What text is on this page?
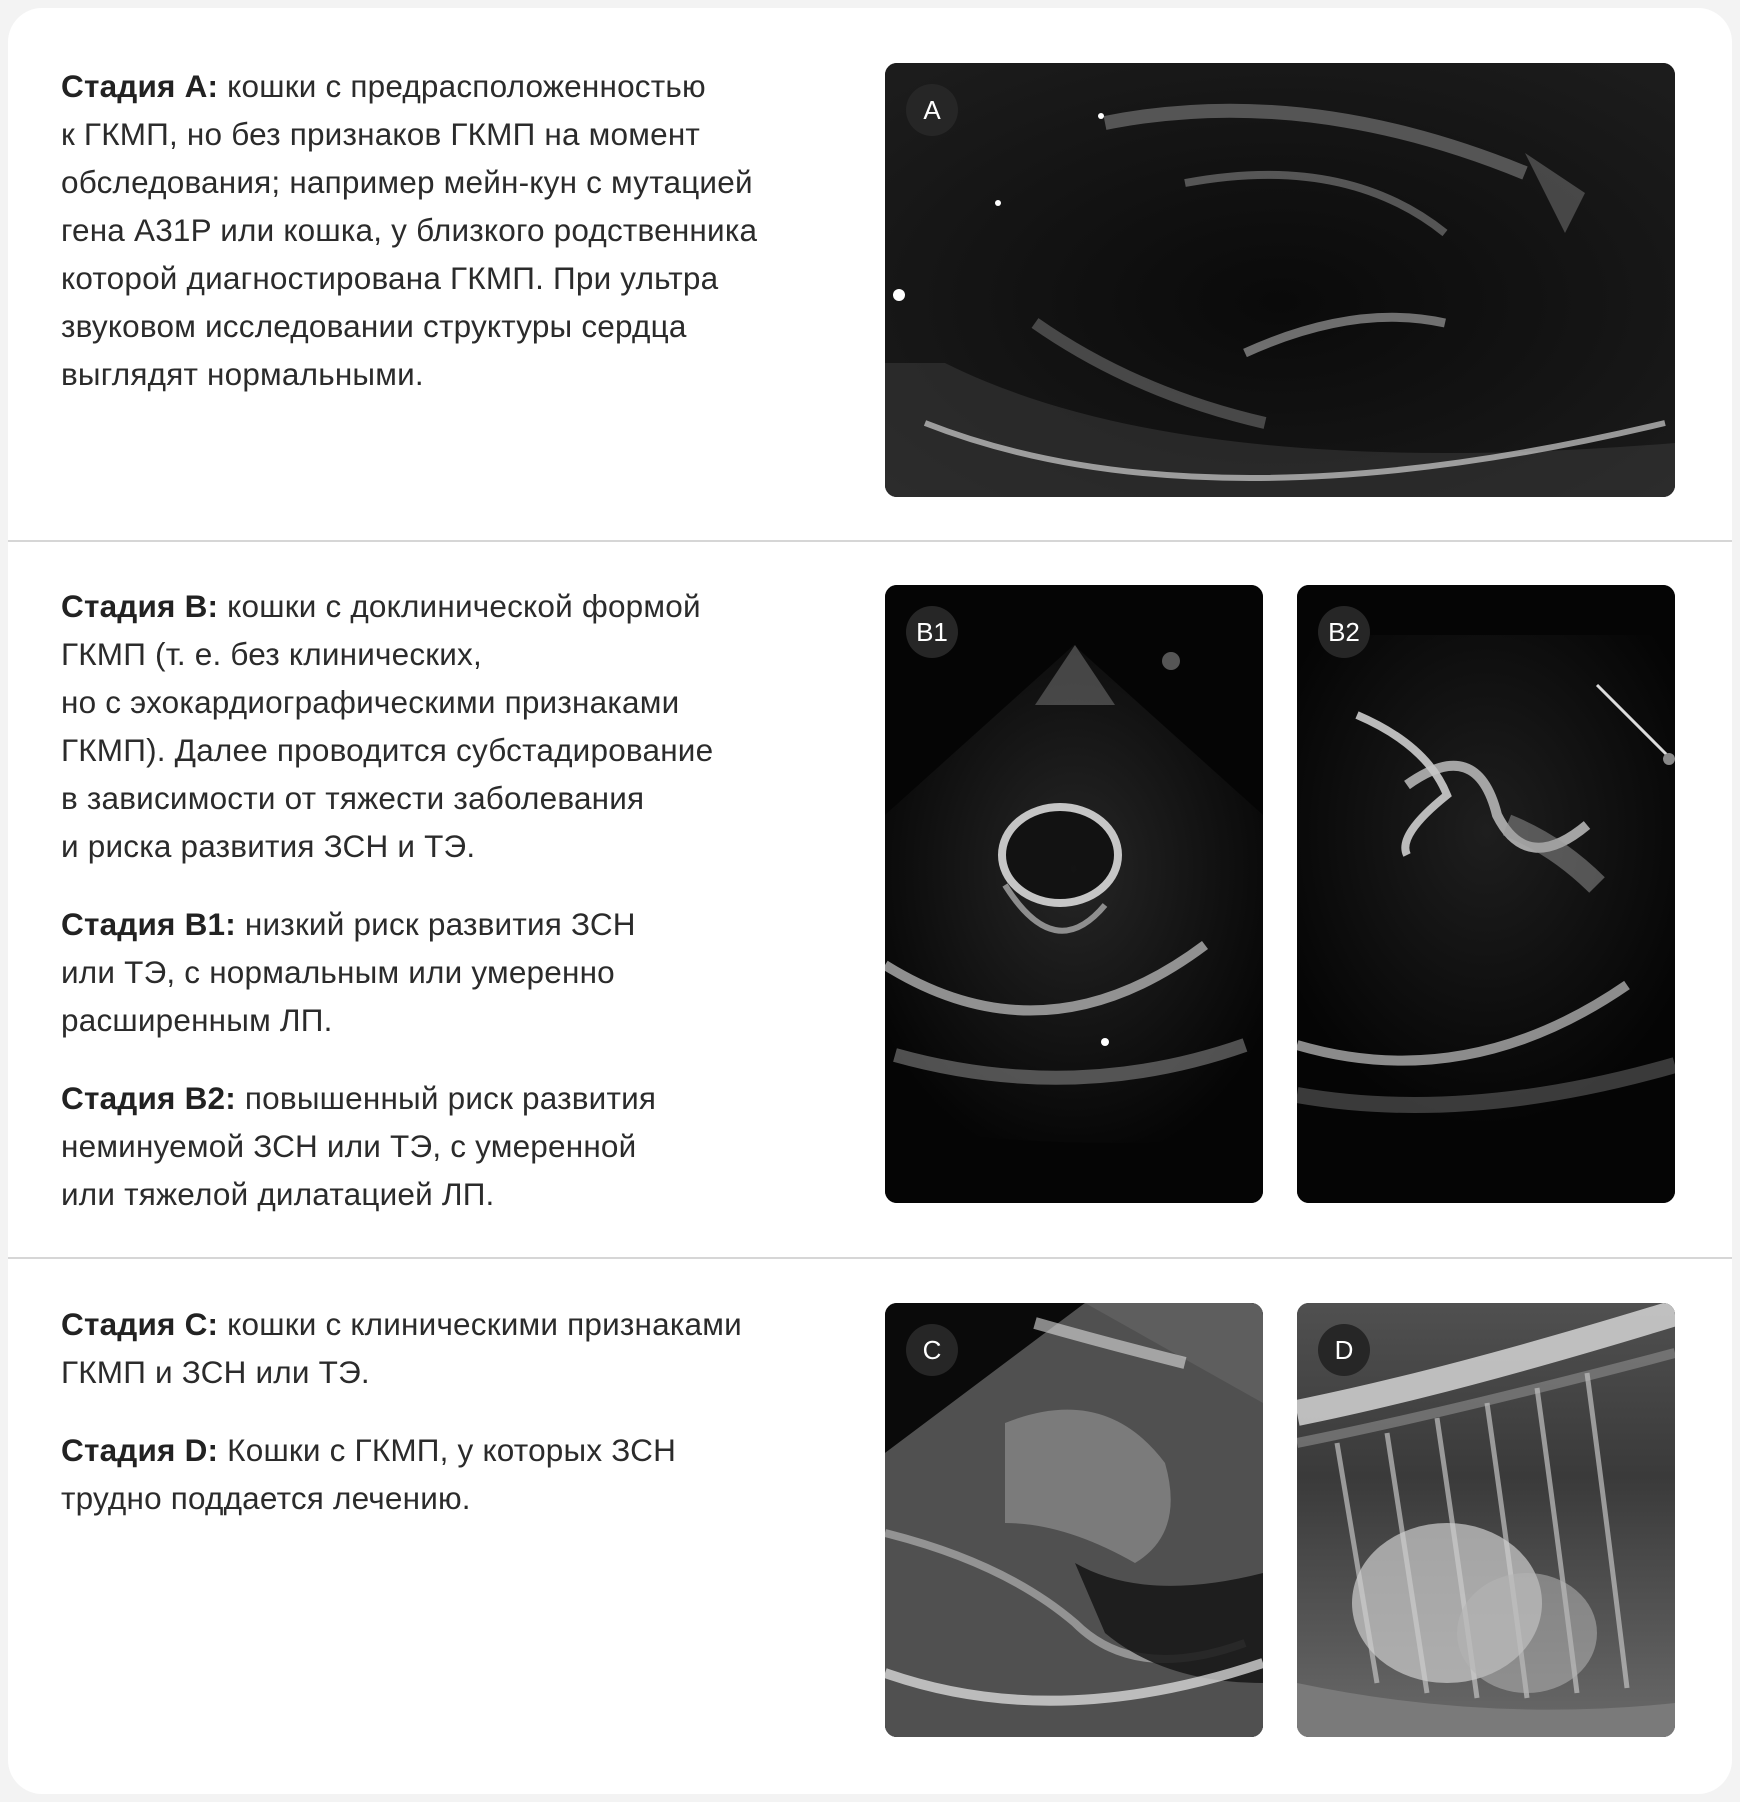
Стадия А: кошки с предрасположенностью
к ГКМП, но без признаков ГКМП на момент
обследования; например мейн-кун с мутацией
гена A31P или кошка, у близкого родственника
которой диагностирована ГКМП. При ультра
звуковом исследовании структуры сердца
выглядят нормальными.

A

Стадия B: кошки с доклинической формой
ГКМП (т. е. без клинических,
но с эхокардиографическими признаками
ГКМП). Далее проводится субстадирование
в зависимости от тяжести заболевания
и риска развития ЗСН и ТЭ.

Стадия B1: низкий риск развития ЗСН
или ТЭ, с нормальным или умеренно
расширенным ЛП.

Стадия B2: повышенный риск развития
неминуемой ЗСН или ТЭ, с умеренной
или тяжелой дилатацией ЛП.

B1	B2

Стадия C: кошки с клиническими признаками
ГКМП и ЗСН или ТЭ.

Стадия D: Кошки с ГКМП, у которых ЗСН
трудно поддается лечению.

C	D
